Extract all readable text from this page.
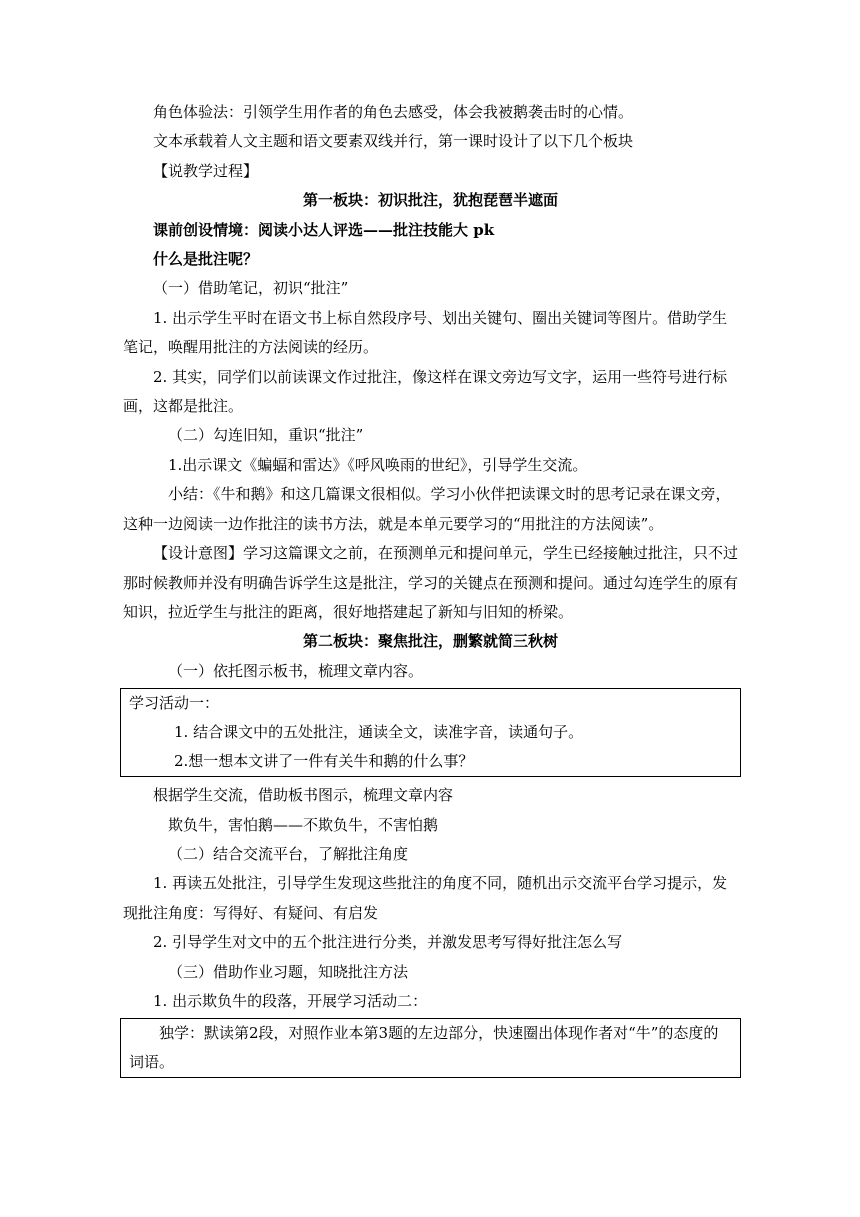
角色体验法：引领学生用作者的角色去感受，体会我被鹅袭击时的心情。

文本承载着人文主题和语文要素双线并行，第一课时设计了以下几个板块

【说教学过程】

第一板块：初识批注，犹抱琵琶半遮面

课前创设情境：阅读小达人评选——批注技能大 pk

什么是批注呢？

（一）借助笔记，初识“批注”

1. 出示学生平时在语文书上标自然段序号、划出关键句、圈出关键词等图片。借助学生笔记，唤醒用批注的方法阅读的经历。

2. 其实，同学们以前读课文作过批注，像这样在课文旁边写文字，运用一些符号进行标画，这都是批注。

（二）勾连旧知，重识“批注”

1.出示课文《蝙蝠和雷达》《呼风唤雨的世纪》，引导学生交流。

小结：《牛和鹅》和这几篇课文很相似。学习小伙伴把读课文时的思考记录在课文旁，这种一边阅读一边作批注的读书方法，就是本单元要学习的“用批注的方法阅读”。

【设计意图】学习这篇课文之前，在预测单元和提问单元，学生已经接触过批注，只不过那时候教师并没有明确告诉学生这是批注，学习的关键点在预测和提问。通过勾连学生的原有知识，拉近学生与批注的距离，很好地搭建起了新知与旧知的桥梁。

第二板块：聚焦批注，删繁就简三秋树

（一）依托图示板书，梳理文章内容。

学习活动一：

1. 结合课文中的五处批注，通读全文，读准字音，读通句子。

2.想一想本文讲了一件有关牛和鹅的什么事？

根据学生交流，借助板书图示，梳理文章内容

欺负牛，害怕鹅——不欺负牛，不害怕鹅

（二）结合交流平台，了解批注角度

1. 再读五处批注，引导学生发现这些批注的角度不同，随机出示交流平台学习提示，发现批注角度：写得好、有疑问、有启发

2. 引导学生对文中的五个批注进行分类，并激发思考写得好批注怎么写

（三）借助作业习题，知晓批注方法

1. 出示欺负牛的段落，开展学习活动二：

独学：默读第2段，对照作业本第3题的左边部分，快速圈出体现作者对“牛”的态度的词语。
